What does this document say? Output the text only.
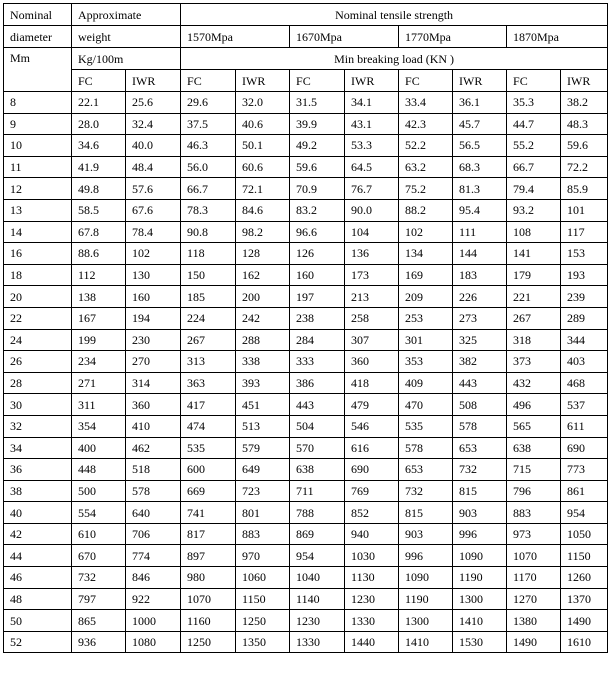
Nominal	Approximate		Nominal tensile strength							
diameter	weight		1570Mpa		1670Mpa		1770Mpa		1870Mpa	
Mm	Kg/100m		Min breaking load (KN )							
	FC	IWR	FC	IWR	FC	IWR	FC	IWR	FC	IWR
8	22.1	25.6	29.6	32.0	31.5	34.1	33.4	36.1	35.3	38.2
9	28.0	32.4	37.5	40.6	39.9	43.1	42.3	45.7	44.7	48.3
10	34.6	40.0	46.3	50.1	49.2	53.3	52.2	56.5	55.2	59.6
11	41.9	48.4	56.0	60.6	59.6	64.5	63.2	68.3	66.7	72.2
12	49.8	57.6	66.7	72.1	70.9	76.7	75.2	81.3	79.4	85.9
13	58.5	67.6	78.3	84.6	83.2	90.0	88.2	95.4	93.2	101
14	67.8	78.4	90.8	98.2	96.6	104	102	111	108	117
16	88.6	102	118	128	126	136	134	144	141	153
18	112	130	150	162	160	173	169	183	179	193
20	138	160	185	200	197	213	209	226	221	239
22	167	194	224	242	238	258	253	273	267	289
24	199	230	267	288	284	307	301	325	318	344
26	234	270	313	338	333	360	353	382	373	403
28	271	314	363	393	386	418	409	443	432	468
30	311	360	417	451	443	479	470	508	496	537
32	354	410	474	513	504	546	535	578	565	611
34	400	462	535	579	570	616	578	653	638	690
36	448	518	600	649	638	690	653	732	715	773
38	500	578	669	723	711	769	732	815	796	861
40	554	640	741	801	788	852	815	903	883	954
42	610	706	817	883	869	940	903	996	973	1050
44	670	774	897	970	954	1030	996	1090	1070	1150
46	732	846	980	1060	1040	1130	1090	1190	1170	1260
48	797	922	1070	1150	1140	1230	1190	1300	1270	1370
50	865	1000	1160	1250	1230	1330	1300	1410	1380	1490
52	936	1080	1250	1350	1330	1440	1410	1530	1490	1610
